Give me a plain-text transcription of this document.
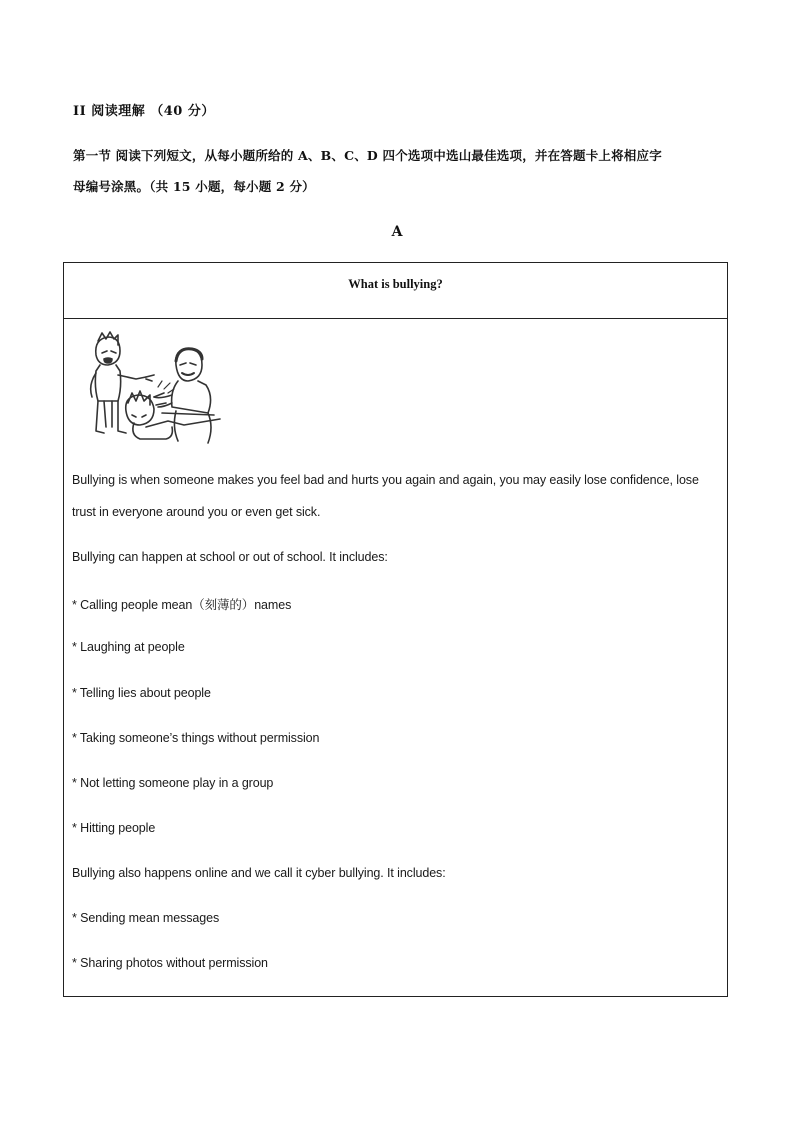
II 阅读理解 （40 分）
第一节 阅读下列短文，从每小题所给的 A、B、C、D 四个选项中选山最佳选项，并在答题卡上将相应字
母编号涂黑。（共 15 小题，每小题 2 分）
A
What is bullying?
Bullying is when someone makes you feel bad and hurts you again and again, you may easily lose confidence, lose
trust in everyone around you or even get sick.
Bullying can happen at school or out of school. It includes:
* Calling people mean（刻薄的）names
* Laughing at people
* Telling lies about people
* Taking someone’s things without permission
* Not letting someone play in a group
* Hitting people
Bullying also happens online and we call it cyber bullying. It includes:
* Sending mean messages
* Sharing photos without permission
